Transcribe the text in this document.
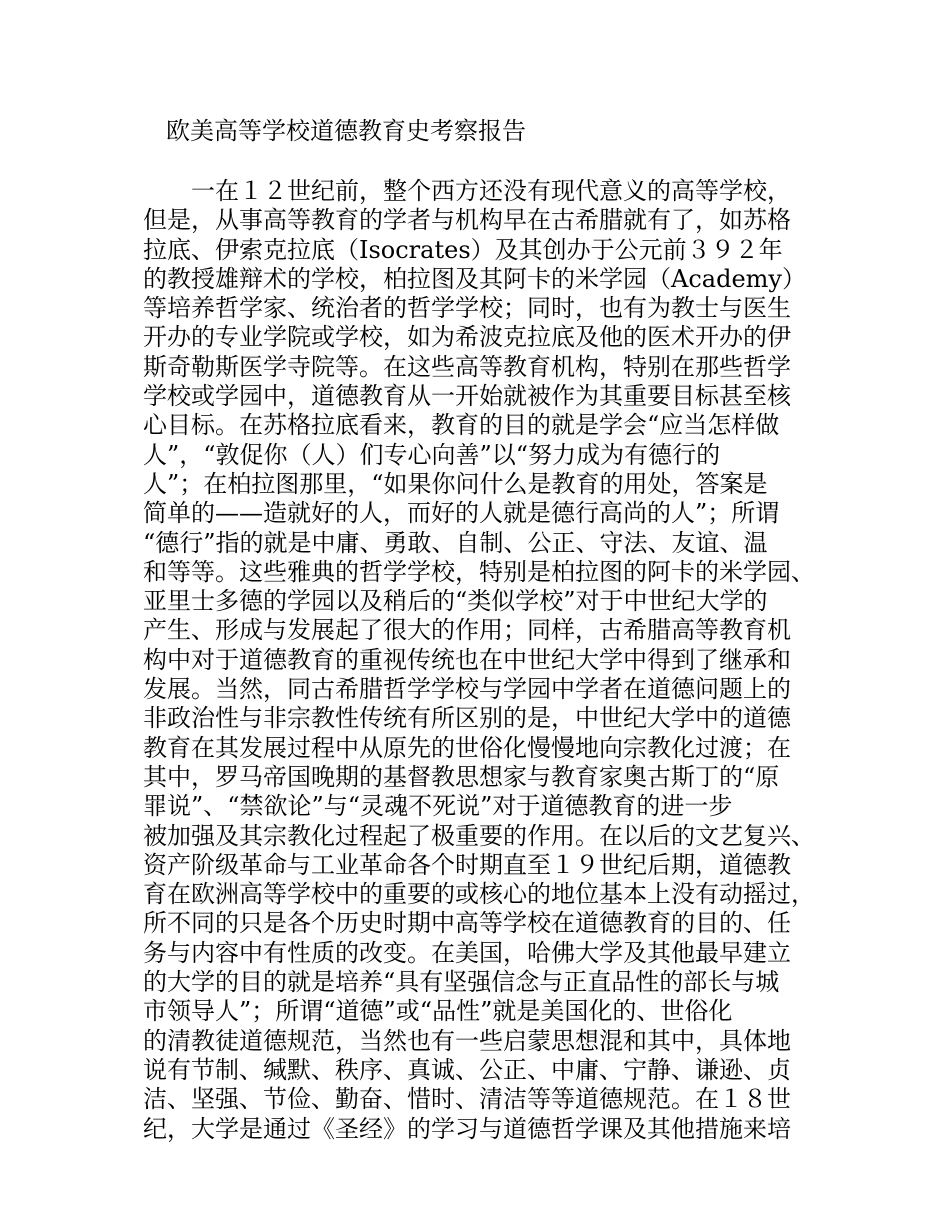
欧美高等学校道德教育史考察报告
一在１２世纪前，整个西方还没有现代意义的高等学校，
但是，从事高等教育的学者与机构早在古希腊就有了，如苏格
拉底、伊索克拉底（Isocrates）及其创办于公元前３９２年
的教授雄辩术的学校，柏拉图及其阿卡的米学园（Academy）
等培养哲学家、统治者的哲学学校；同时，也有为教士与医生
开办的专业学院或学校，如为希波克拉底及他的医术开办的伊
斯奇勒斯医学寺院等。在这些高等教育机构，特别在那些哲学
学校或学园中，道德教育从一开始就被作为其重要目标甚至核
心目标。在苏格拉底看来，教育的目的就是学会“应当怎样做
人”，“敦促你（人）们专心向善”以“努力成为有德行的
人”；在柏拉图那里，“如果你问什么是教育的用处，答案是
简单的——造就好的人，而好的人就是德行高尚的人”；所谓
“德行”指的就是中庸、勇敢、自制、公正、守法、友谊、温
和等等。这些雅典的哲学学校，特别是柏拉图的阿卡的米学园、
亚里士多德的学园以及稍后的“类似学校”对于中世纪大学的
产生、形成与发展起了很大的作用；同样，古希腊高等教育机
构中对于道德教育的重视传统也在中世纪大学中得到了继承和
发展。当然，同古希腊哲学学校与学园中学者在道德问题上的
非政治性与非宗教性传统有所区别的是，中世纪大学中的道德
教育在其发展过程中从原先的世俗化慢慢地向宗教化过渡；在
其中，罗马帝国晚期的基督教思想家与教育家奥古斯丁的“原
罪说”、“禁欲论”与“灵魂不死说”对于道德教育的进一步
被加强及其宗教化过程起了极重要的作用。在以后的文艺复兴、
资产阶级革命与工业革命各个时期直至１９世纪后期，道德教
育在欧洲高等学校中的重要的或核心的地位基本上没有动摇过，
所不同的只是各个历史时期中高等学校在道德教育的目的、任
务与内容中有性质的改变。在美国，哈佛大学及其他最早建立
的大学的目的就是培养“具有坚强信念与正直品性的部长与城
市领导人”；所谓“道德”或“品性”就是美国化的、世俗化
的清教徒道德规范，当然也有一些启蒙思想混和其中，具体地
说有节制、缄默、秩序、真诚、公正、中庸、宁静、谦逊、贞
洁、坚强、节俭、勤奋、惜时、清洁等等道德规范。在１８世
纪，大学是通过《圣经》的学习与道德哲学课及其他措施来培
